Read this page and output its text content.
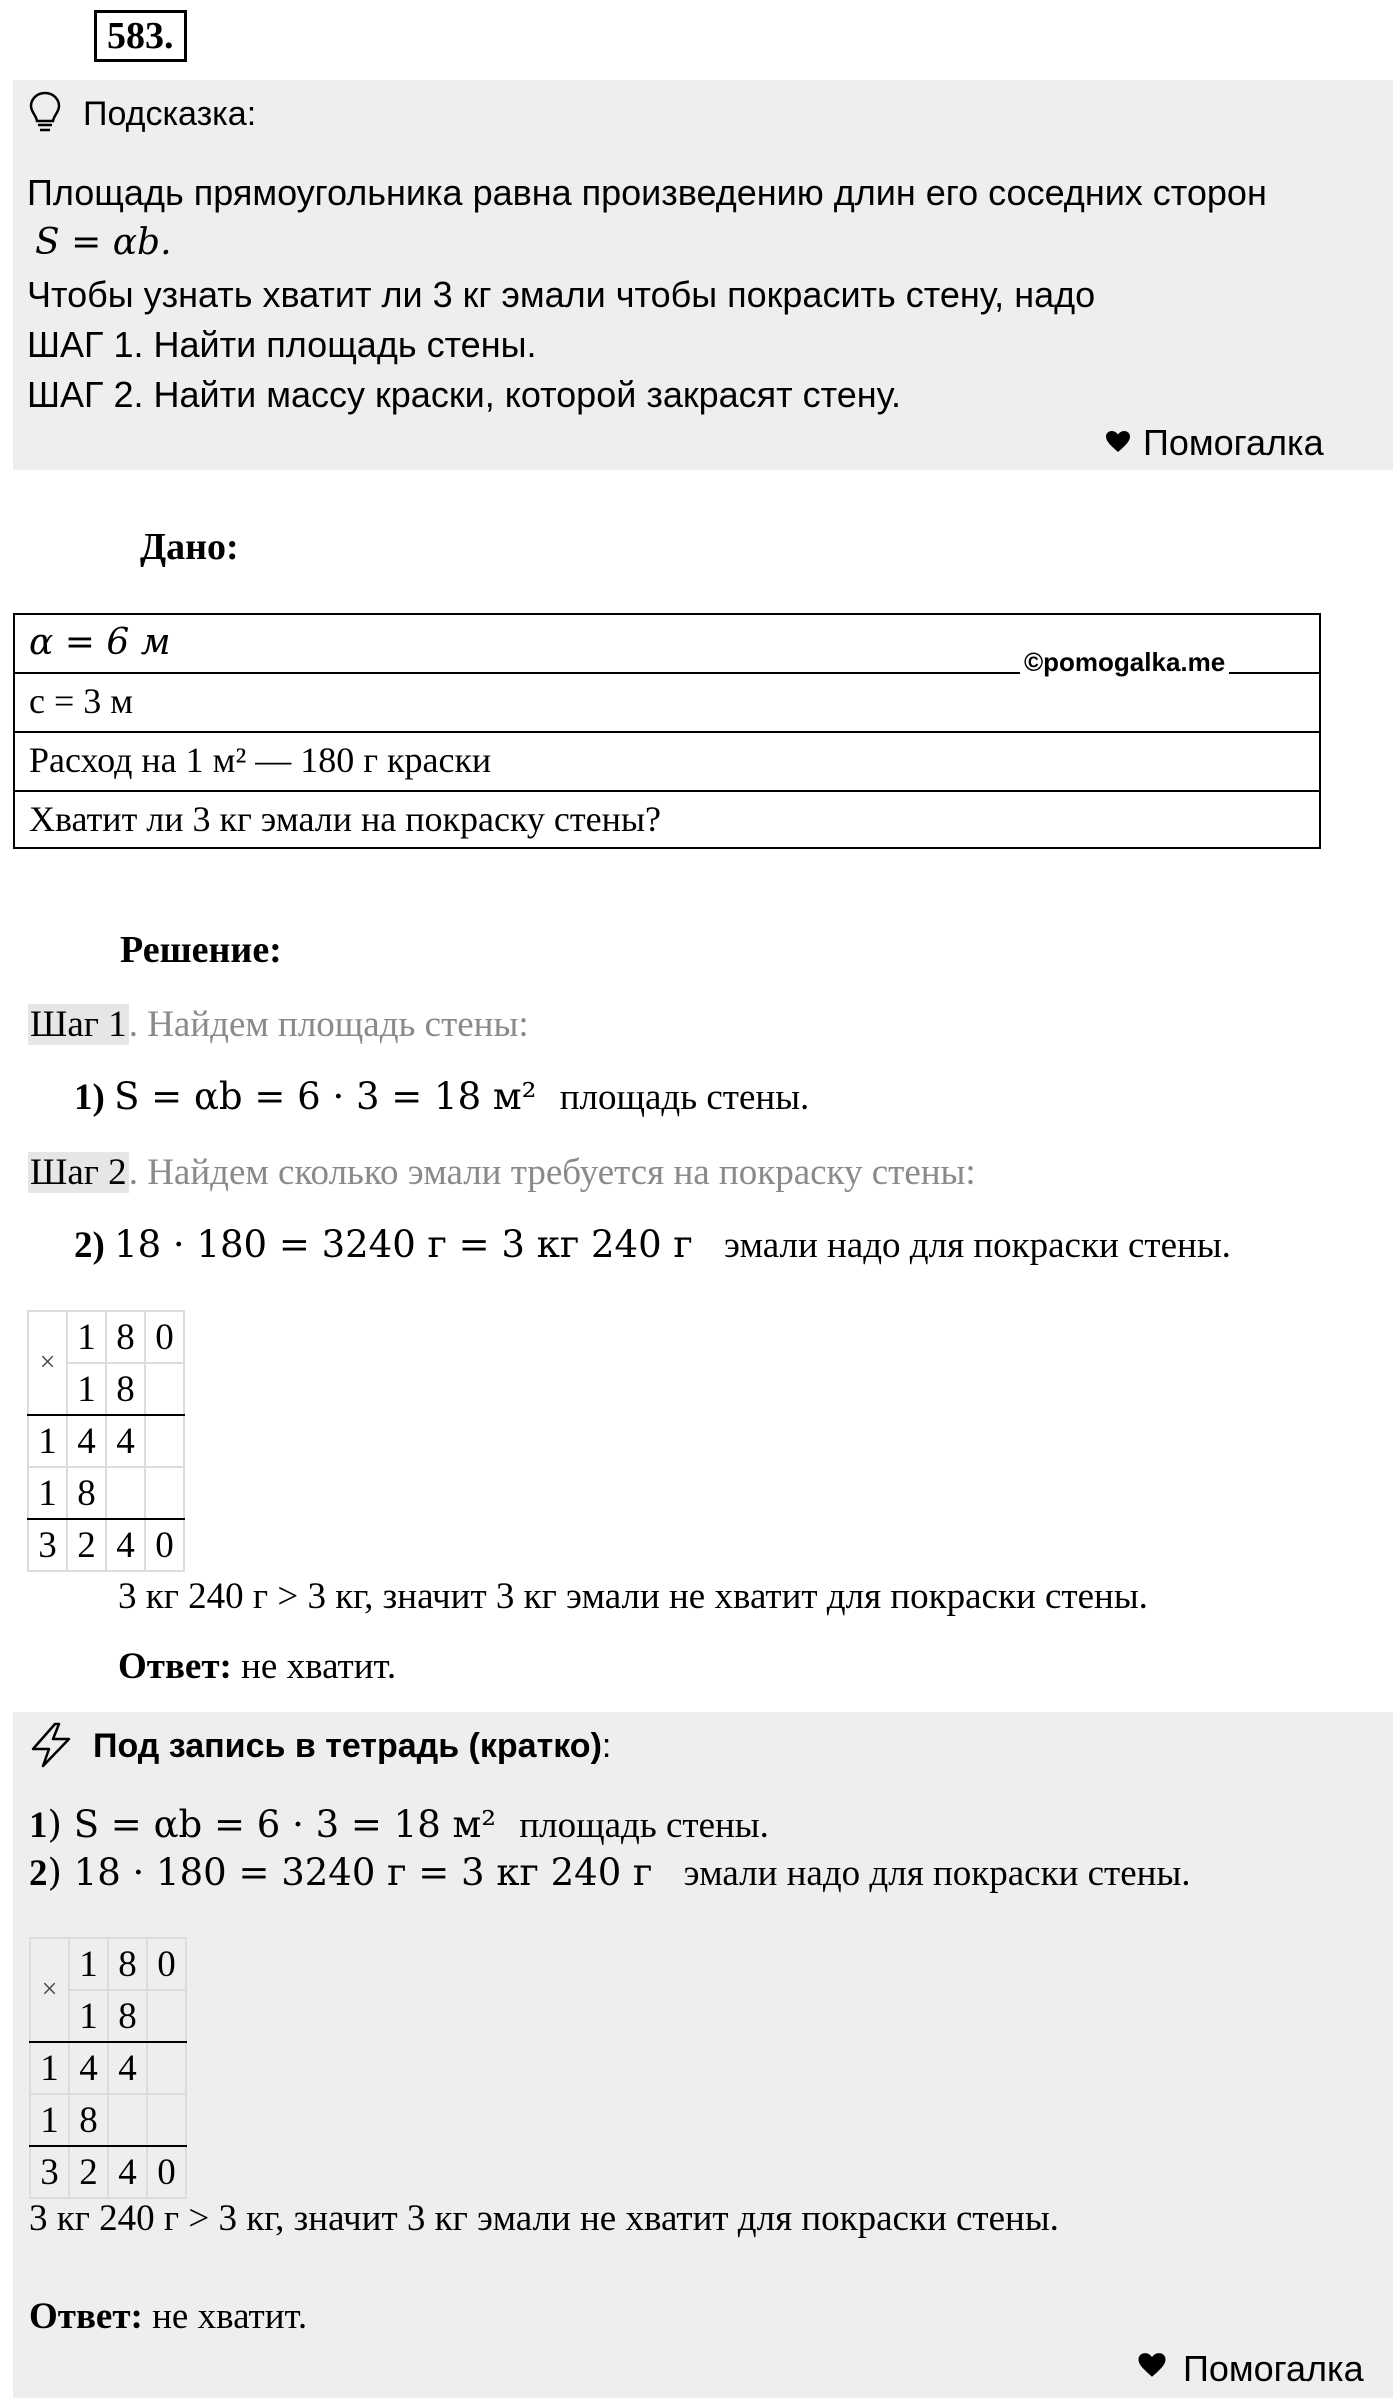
583.
Подсказка:
Площадь прямоугольника равна произведению длин его соседних сторон
S = αb.
Чтобы узнать хватит ли 3 кг эмали чтобы покрасить стену, надо
ШАГ 1. Найти площадь стены.
ШАГ 2. Найти массу краски, которой закрасят стену.
Помогалка
Дано:
α = 6 м
c = 3 м
Расход на 1 м² — 180 г краски
Хватит ли 3 кг эмали на покраску стены?
©pomogalka.me
Решение:
Шаг 1. Найдем площадь стены:
1) S = αb = 6 · 3 = 18 м² площадь стены.
Шаг 2. Найдем сколько эмали требуется на покраску стены:
2) 18 · 180 = 3240 г = 3 кг 240 г эмали надо для покраски стены.
×	1	8	0
	1	8	
1	4	4	
1	8		
3	2	4	0
3 кг 240 г > 3 кг, значит 3 кг эмали не хватит для покраски стены.
Ответ: не хватит.
Под запись в тетрадь (кратко):
1) S = αb = 6 · 3 = 18 м² площадь стены.
2) 18 · 180 = 3240 г = 3 кг 240 г эмали надо для покраски стены.
×	1	8	0
	1	8	
1	4	4	
1	8		
3	2	4	0
3 кг 240 г > 3 кг, значит 3 кг эмали не хватит для покраски стены.
Ответ: не хватит.
Помогалка
